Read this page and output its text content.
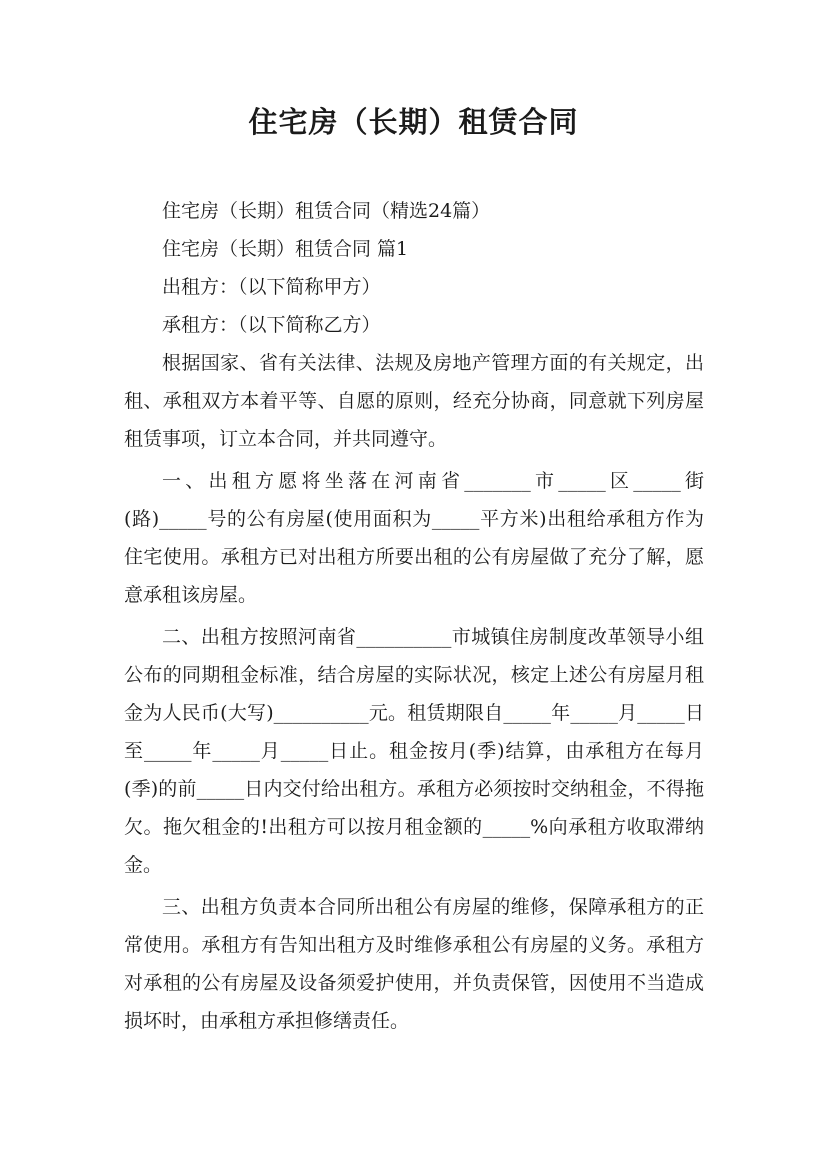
住宅房（长期）租赁合同

住宅房（长期）租赁合同（精选24篇）

住宅房（长期）租赁合同 篇1

出租方：（以下简称甲方）

承租方：（以下简称乙方）

根据国家、省有关法律、法规及房地产管理方面的有关规定，出租、承租双方本着平等、自愿的原则，经充分协商，同意就下列房屋租赁事项，订立本合同，并共同遵守。

一、出租方愿将坐落在河南省_______市_____区_____街(路)_____号的公有房屋(使用面积为_____平方米)出租给承租方作为住宅使用。承租方已对出租方所要出租的公有房屋做了充分了解，愿意承租该房屋。

二、出租方按照河南省__________市城镇住房制度改革领导小组公布的同期租金标准，结合房屋的实际状况，核定上述公有房屋月租金为人民币(大写)__________元。租赁期限自_____年_____月_____日至_____年_____月_____日止。租金按月(季)结算，由承租方在每月(季)的前_____日内交付给出租方。承租方必须按时交纳租金，不得拖欠。拖欠租金的!出租方可以按月租金额的_____%向承租方收取滞纳金。

三、出租方负责本合同所出租公有房屋的维修，保障承租方的正常使用。承租方有告知出租方及时维修承租公有房屋的义务。承租方对承租的公有房屋及设备须爱护使用，并负责保管，因使用不当造成损坏时，由承租方承担修缮责任。
